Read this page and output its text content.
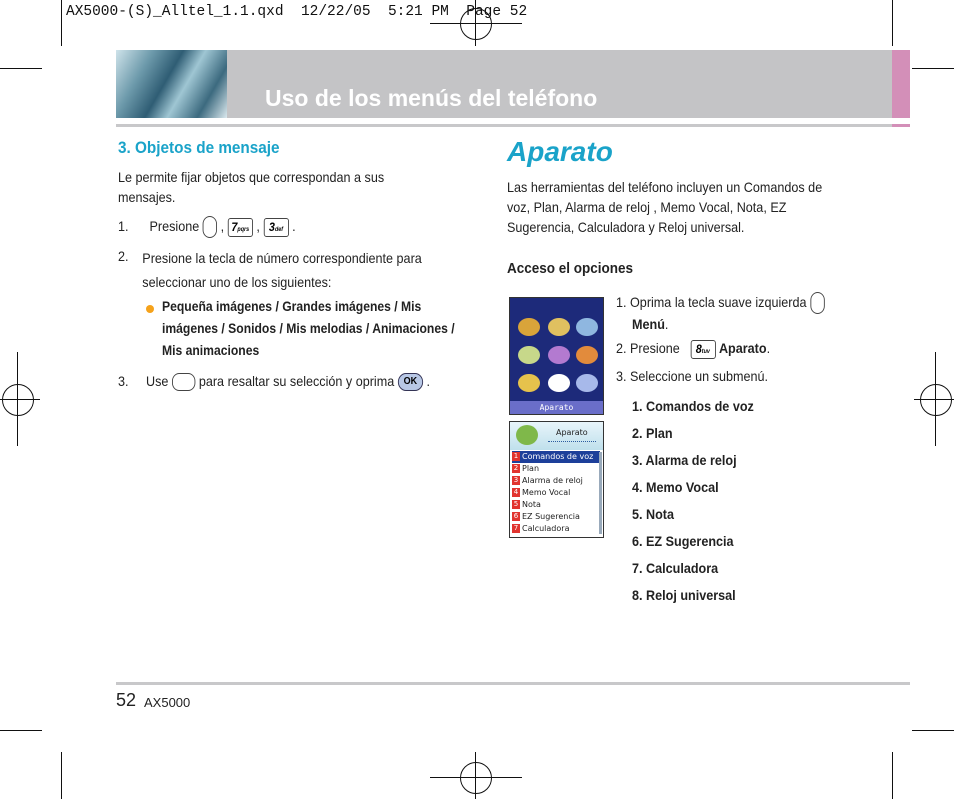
AX5000-(S)_Alltel_1.1.qxd  12/22/05  5:21 PM  Page 52
Uso de los menús del teléfono
3. Objetos de mensaje
Le permite fijar objetos que correspondan a sus mensajes.
1. Presione  , 7pqrs , 3def .
2. Presione la tecla de número correspondiente para seleccionar uno de los siguientes:
Pequeña imágenes / Grandes imágenes / Mis imágenes / Sonidos / Mis melodias / Animaciones / Mis animaciones
3. Use para resaltar su selección y oprima OK .
Aparato
Las herramientas del teléfono incluyen un Comandos de voz, Plan, Alarma de reloj , Memo Vocal, Nota, EZ Sugerencia, Calculadora y Reloj universal.
Acceso el opciones
1. Oprima la tecla suave izquierda
Menú.
2. Presione 8tuv Aparato.
3. Seleccione un submenú.
1. Comandos de voz
2. Plan
3. Alarma de reloj
4. Memo Vocal
5. Nota
6. EZ Sugerencia
7. Calculadora
8. Reloj universal
Aparato
Aparato
1 Comandos de voz
2 Plan
3 Alarma de reloj
4 Memo Vocal
5 Nota
6 EZ Sugerencia
7 Calculadora
52 AX5000
